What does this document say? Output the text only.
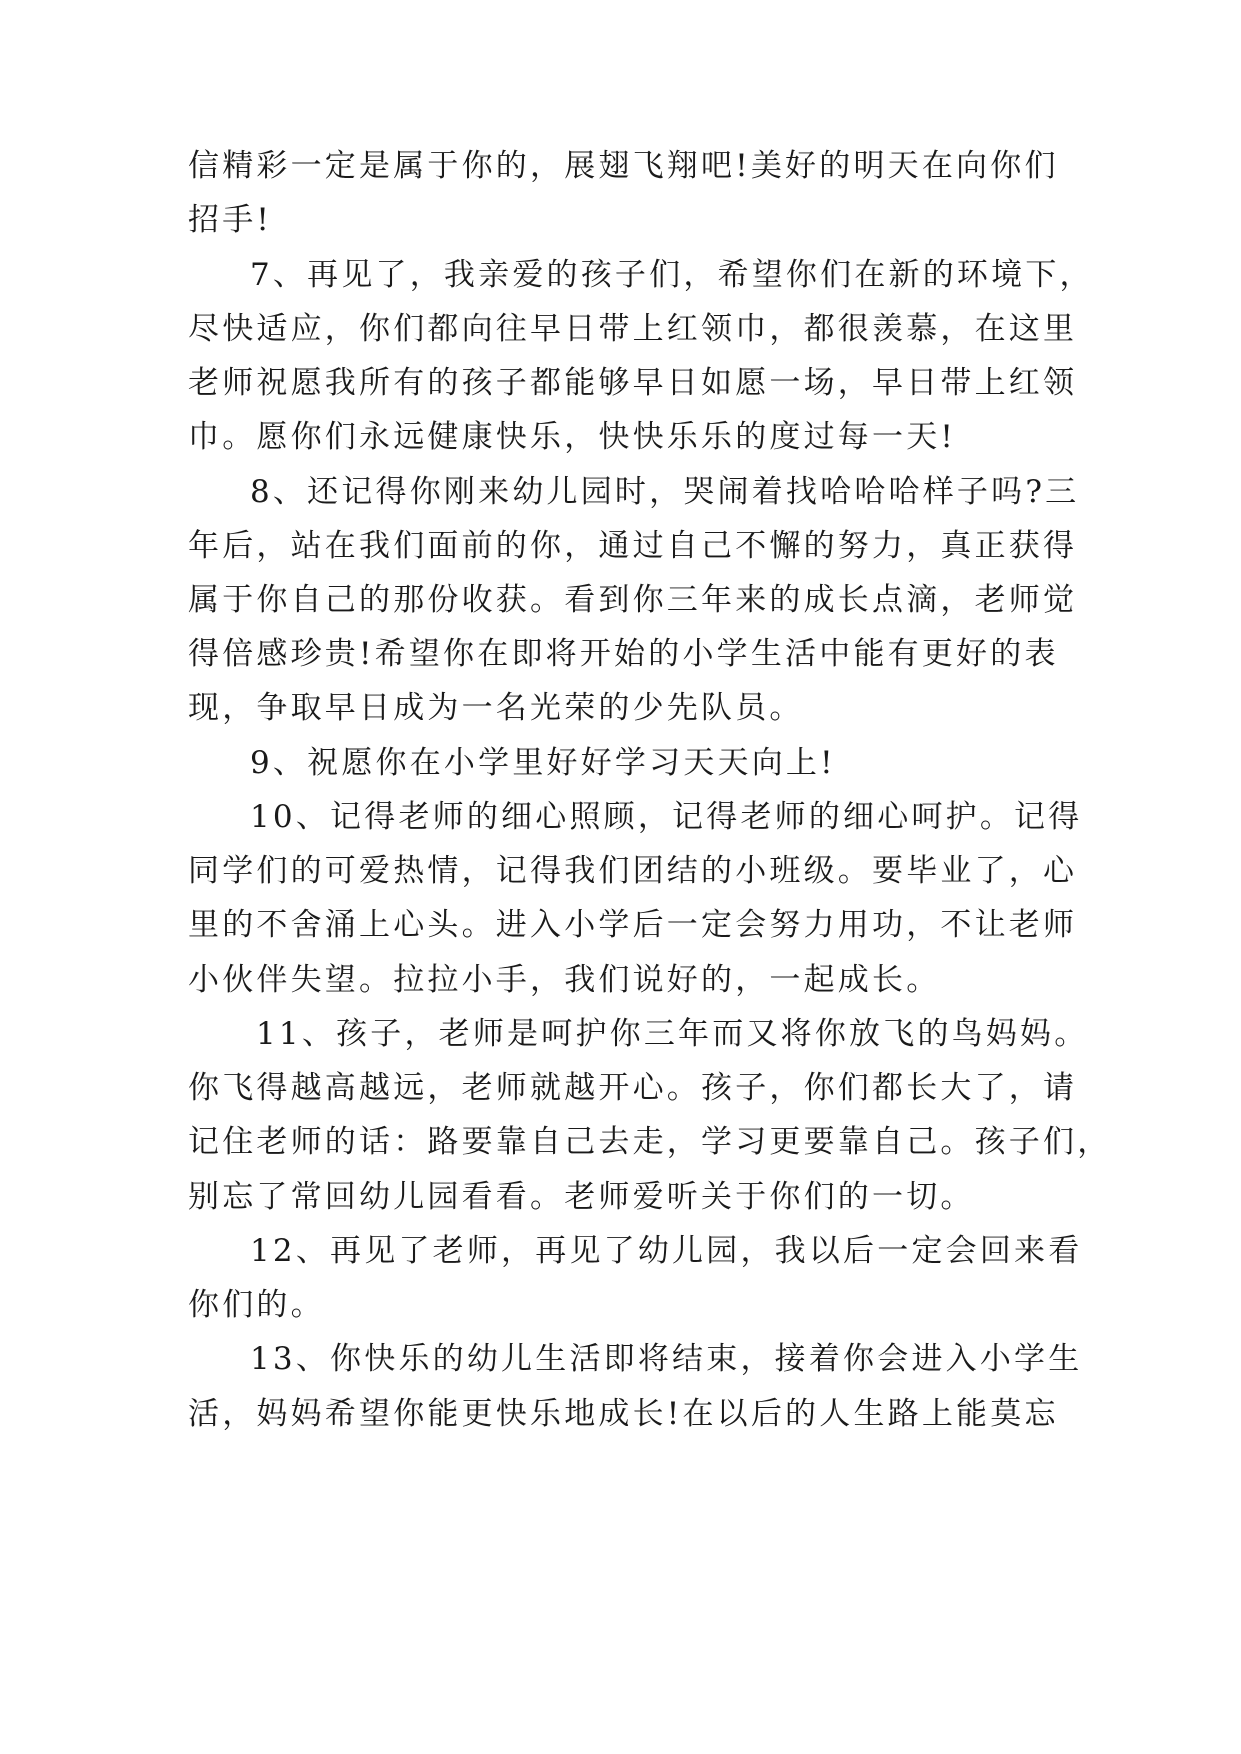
信精彩一定是属于你的，展翅飞翔吧!美好的明天在向你们
招手!
7、再见了，我亲爱的孩子们，希望你们在新的环境下，
尽快适应，你们都向往早日带上红领巾，都很羡慕，在这里
老师祝愿我所有的孩子都能够早日如愿一场，早日带上红领
巾。愿你们永远健康快乐，快快乐乐的度过每一天!
8、还记得你刚来幼儿园时，哭闹着找哈哈哈样子吗?三
年后，站在我们面前的你，通过自己不懈的努力，真正获得
属于你自己的那份收获。看到你三年来的成长点滴，老师觉
得倍感珍贵!希望你在即将开始的小学生活中能有更好的表
现，争取早日成为一名光荣的少先队员。
9、祝愿你在小学里好好学习天天向上!
10、记得老师的细心照顾，记得老师的细心呵护。记得
同学们的可爱热情，记得我们团结的小班级。要毕业了，心
里的不舍涌上心头。进入小学后一定会努力用功，不让老师
小伙伴失望。拉拉小手，我们说好的，一起成长。
11、孩子，老师是呵护你三年而又将你放飞的鸟妈妈。
你飞得越高越远，老师就越开心。孩子，你们都长大了，请
记住老师的话：路要靠自己去走，学习更要靠自己。孩子们，
别忘了常回幼儿园看看。老师爱听关于你们的一切。
12、再见了老师，再见了幼儿园，我以后一定会回来看
你们的。
13、你快乐的幼儿生活即将结束，接着你会进入小学生
活，妈妈希望你能更快乐地成长!在以后的人生路上能莫忘
